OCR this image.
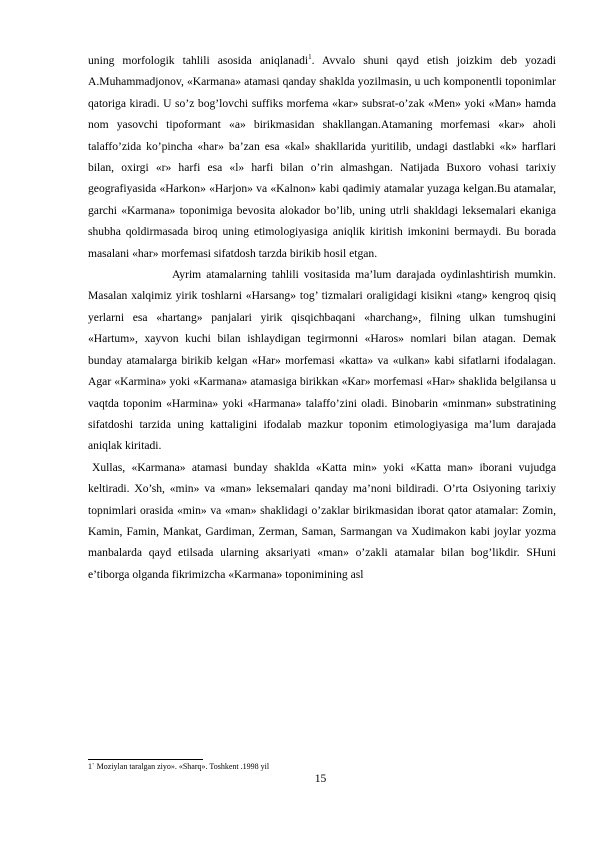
uning morfologik tahlili asosida aniqlanadi$^1$. Avvalo shuni qayd etish joizkim deb yozadi A.Muhammadjonov, «Karmana» atamasi qanday shaklda yozilmasin, u uch komponentli toponimlar qatoriga kiradi. U so’z bog’lovchi suffiks morfema «kar» subsrat-o’zak «Men» yoki «Man» hamda nom yasovchi tipoformant «a» birikmasidan shakllangan.Atamaning morfemasi «kar» aholi talaffo’zida ko’pincha «har» ba’zan esa «kal» shakllarida yuritilib, undagi dastlabki «k» harflari bilan, oxirgi «r» harfi esa «l» harfi bilan o’rin almashgan. Natijada Buxoro vohasi tarixiy geografiyasida «Harkon» «Harjon» va «Kalnon» kabi qadimiy atamalar yuzaga kelgan.Bu atamalar, garchi «Karmana» toponimiga bevosita alokador bo’lib, uning utrli shakldagi leksemalari ekaniga shubha qoldirmasada biroq uning etimologiyasiga aniqlik kiritish imkonini bermaydi. Bu borada masalani «har» morfemasi sifatdosh tarzda birikib hosil etgan.

Ayrim atamalarning tahlili vositasida ma’lum darajada oydinlashtirish mumkin. Masalan xalqimiz yirik toshlarni «Harsang» tog’ tizmalari oraligidagi kisikni «tang» kengroq qisiq yerlarni esa «hartang» panjalari yirik qisqichbaqani «harchang», filning ulkan tumshugini «Hartum», xayvon kuchi bilan ishlaydigan tegirmonni «Haros» nomlari bilan atagan. Demak bunday atamalarga birikib kelgan «Har» morfemasi «katta» va «ulkan» kabi sifatlarni ifodalagan. Agar «Karmina» yoki «Karmana» atamasiga birikkan «Kar» morfemasi «Har» shaklida belgilansa u vaqtda toponim «Harmina» yoki «Harmana» talaffo’zini oladi. Binobarin «minman» substratining sifatdoshi tarzida uning kattaligini ifodalab mazkur toponim etimologiyasiga ma’lum darajada aniqlak kiritadi.

Xullas, «Karmana» atamasi bunday shaklda «Katta min» yoki «Katta man» iborani vujudga keltiradi. Xo’sh, «min» va «man» leksemalari qanday ma’noni bildiradi. O’rta Osiyoning tarixiy topnimlari orasida «min» va «man» shaklidagi o’zaklar birikmasidan iborat qator atamalar: Zomin, Kamin, Famin, Mankat, Gardiman, Zerman, Saman, Sarmangan va Xudimakon kabi joylar yozma manbalarda qayd etilsada ularning aksariyati «man» o’zakli atamalar bilan bog’likdir. SHuni e’tiborga olganda fikrimizcha «Karmana» toponimining asl

1` Moziylan taralgan ziyo». «Sharq». Toshkent .1998 yil
15
